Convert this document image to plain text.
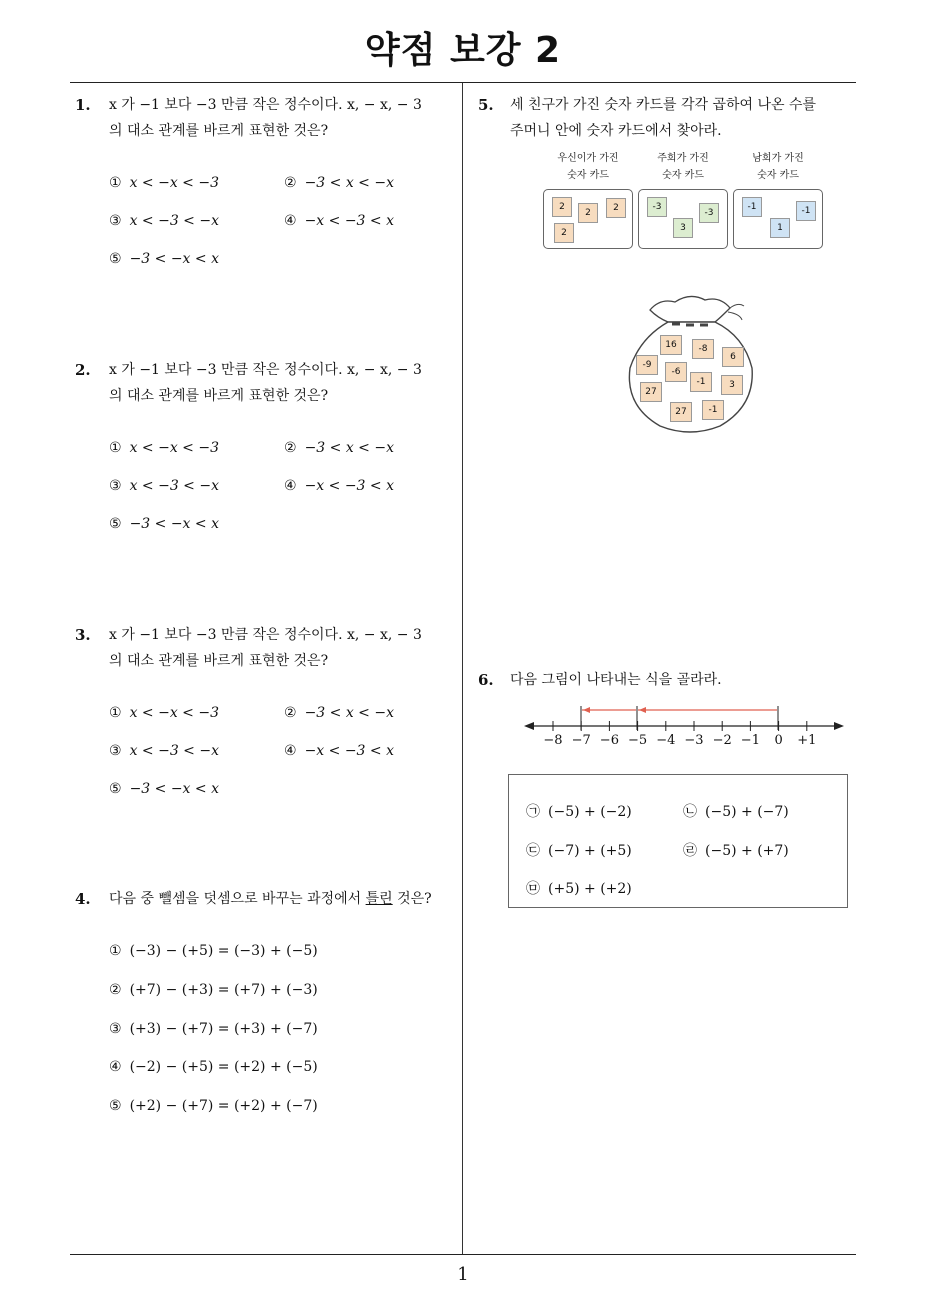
약점 보강 2
1. x 가 −1 보다 −3 만큼 작은 정수이다. x, − x, − 3
의 대소 관계를 바르게 표현한 것은?
① x < −x < −3	② −3 < x < −x
③ x < −3 < −x	④ −x < −3 < x
⑤ −3 < −x < x
2. x 가 −1 보다 −3 만큼 작은 정수이다. x, − x, − 3
의 대소 관계를 바르게 표현한 것은?
① x < −x < −3	② −3 < x < −x
③ x < −3 < −x	④ −x < −3 < x
⑤ −3 < −x < x
3. x 가 −1 보다 −3 만큼 작은 정수이다. x, − x, − 3
의 대소 관계를 바르게 표현한 것은?
① x < −x < −3	② −3 < x < −x
③ x < −3 < −x	④ −x < −3 < x
⑤ −3 < −x < x
4. 다음 중 뺄셈을 덧셈으로 바꾸는 과정에서 틀린 것은?
① (−3) − (+5) = (−3) + (−5)
② (+7) − (+3) = (+7) + (−3)
③ (+3) − (+7) = (+3) + (−7)
④ (−2) − (+5) = (+2) + (−5)
⑤ (+2) − (+7) = (+2) + (−7)
5. 세 친구가 가진 숫자 카드를 각각 곱하여 나온 수를
주머니 안에 숫자 카드에서 찾아라.
우신이가 가진
숫자 카드
주희가 가진
숫자 카드
남희가 가진
숫자 카드
2
2	2
2
-3
-3
3
-1	-1
1
16	-8
6
-9
-6
-1	3
27
27	-1
6. 다음 그림이 나타내는 식을 골라라.
−8 −7 −6 −5 −4 −3 −2 −1	0	+1
㉠ (−5) + (−2)	㉡ (−5) + (−7)
㉢ (−7) + (+5)	㉣ (−5) + (+7)
㉤ (+5) + (+2)
1
